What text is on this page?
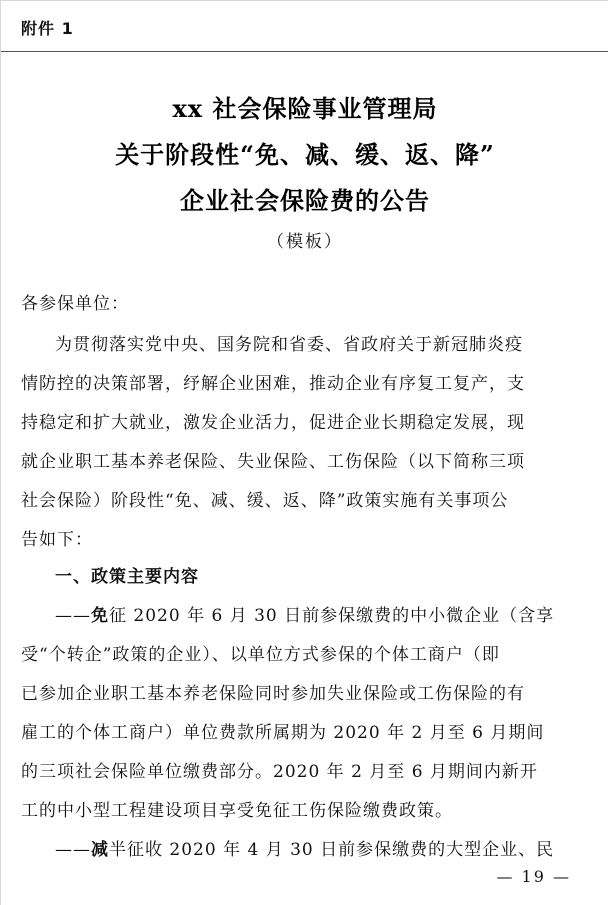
附件 1
xx 社会保险事业管理局
关于阶段性“免、减、缓、返、降”
企业社会保险费的公告
（模板）
各参保单位：
为贯彻落实党中央、国务院和省委、省政府关于新冠肺炎疫
情防控的决策部署，纾解企业困难，推动企业有序复工复产，支
持稳定和扩大就业，激发企业活力，促进企业长期稳定发展，现
就企业职工基本养老保险、失业保险、工伤保险（以下简称三项
社会保险）阶段性“免、减、缓、返、降”政策实施有关事项公
告如下：
一、政策主要内容
——免征 2020 年 6 月 30 日前参保缴费的中小微企业（含享
受“个转企”政策的企业）、以单位方式参保的个体工商户（即
已参加企业职工基本养老保险同时参加失业保险或工伤保险的有
雇工的个体工商户）单位费款所属期为 2020 年 2 月至 6 月期间
的三项社会保险单位缴费部分。2020 年 2 月至 6 月期间内新开
工的中小型工程建设项目享受免征工伤保险缴费政策。
——减半征收 2020 年 4 月 30 日前参保缴费的大型企业、民
— 19 —
